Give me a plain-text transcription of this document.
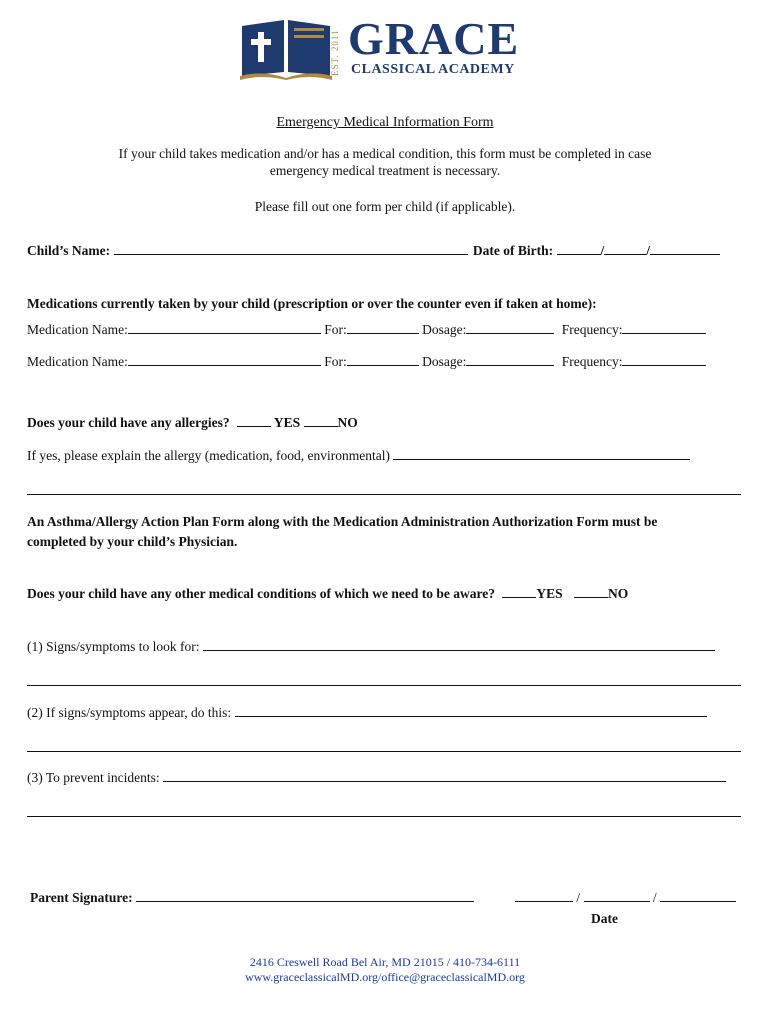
EST. 2011 GRACE
CLASSICAL ACADEMY
Emergency Medical Information Form
If your child takes medication and/or has a medical condition, this form must be completed in case
emergency medical treatment is necessary.
Please fill out one form per child (if applicable).
Child’s Name:	Date of Birth:	/	/
Medications currently taken by your child (prescription or over the counter even if taken at home):
Medication Name:	For:	Dosage:	Frequency:
Medication Name:	For:	Dosage:	Frequency:
Does your child have any allergies?	YES	NO
If yes, please explain the allergy (medication, food, environmental)
An Asthma/Allergy Action Plan Form along with the Medication Administration Authorization Form must be
completed by your child’s Physician.
Does your child have any other medical conditions of which we need to be aware?	YES	NO
(1) Signs/symptoms to look for:
(2) If signs/symptoms appear, do this:
(3) To prevent incidents:
Parent Signature:	/	/
Date
2416 Creswell Road Bel Air, MD 21015 / 410-734-6111
www.graceclassicalMD.org/office@graceclassicalMD.org
